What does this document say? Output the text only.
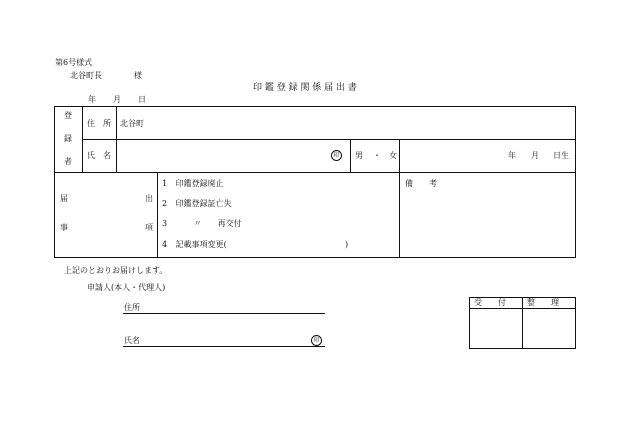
第6号様式
北谷町長	様
印 鑑 登 録 関 係 届 出 書
年 月 日
登
録
者
住　所 北谷町
氏　名	印	男 ・ 女	年 月 日生
届
事
出
項
1 印鑑登録廃止
2 印鑑登録証亡失
3	〃　　再交付
4 記載事項変更(	)
備　　考
上記のとおりお届けします。
申請人(本人・代理人)
住所
氏名	印
受　　付	整　　理
